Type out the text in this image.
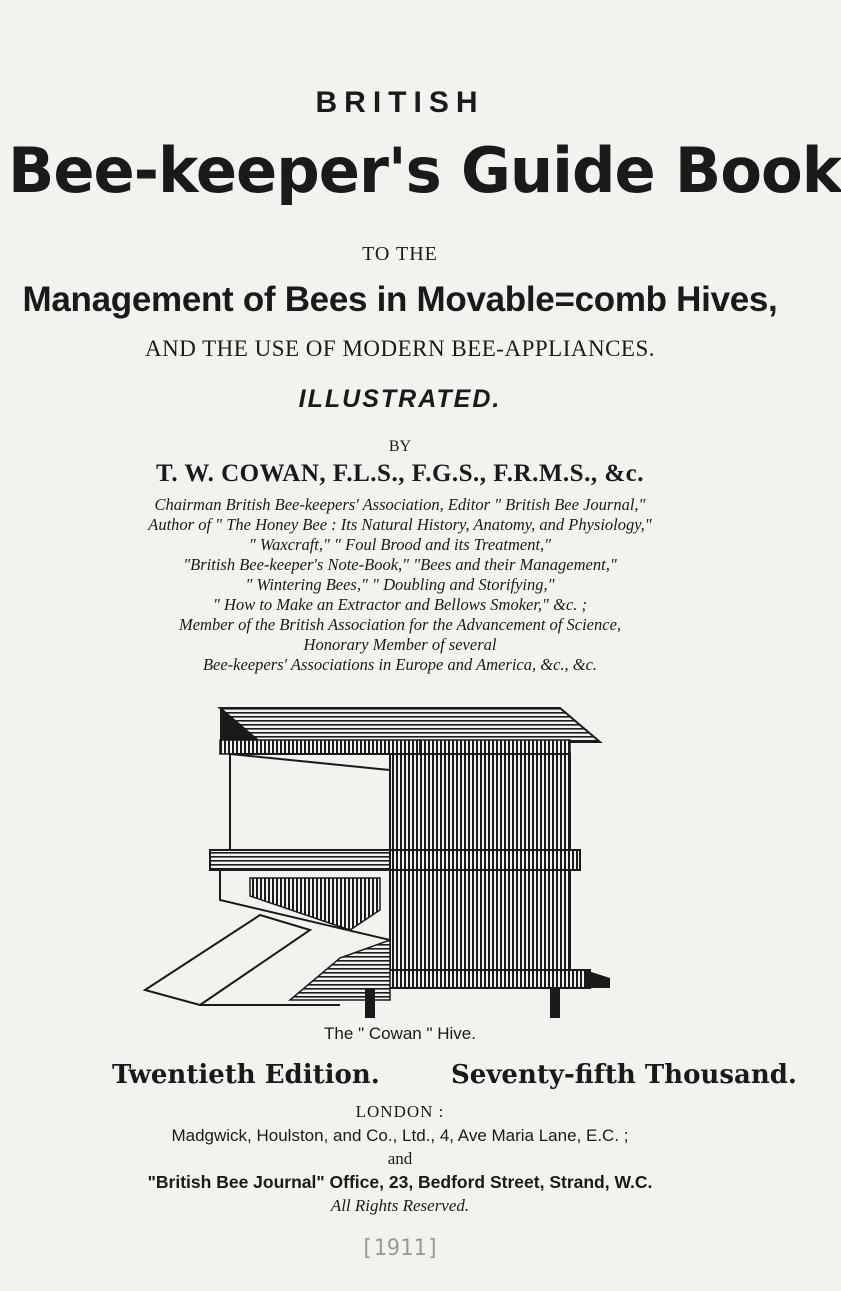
BRITISH
Bee-keeper's Guide Book
TO THE
Management of Bees in Movable=comb Hives,
AND THE USE OF MODERN BEE-APPLIANCES.
ILLUSTRATED.
BY
T. W. COWAN, F.L.S., F.G.S., F.R.M.S., &c.
Chairman British Bee-keepers' Association, Editor " British Bee Journal,"
Author of " The Honey Bee : Its Natural History, Anatomy, and Physiology,"
" Waxcraft," " Foul Brood and its Treatment,"
"British Bee-keeper's Note-Book," "Bees and their Management,"
" Wintering Bees," " Doubling and Storifying,"
" How to Make an Extractor and Bellows Smoker," &c. ;
Member of the British Association for the Advancement of Science,
Honorary Member of several
Bee-keepers' Associations in Europe and America, &c., &c.
The " Cowan " Hive.
Twentieth Edition.	Seventy-fifth Thousand.
LONDON :
Madgwick, Houlston, and Co., Ltd., 4, Ave Maria Lane, E.C. ;
and
"British Bee Journal" Office, 23, Bedford Street, Strand, W.C.
All Rights Reserved.
[1911]
